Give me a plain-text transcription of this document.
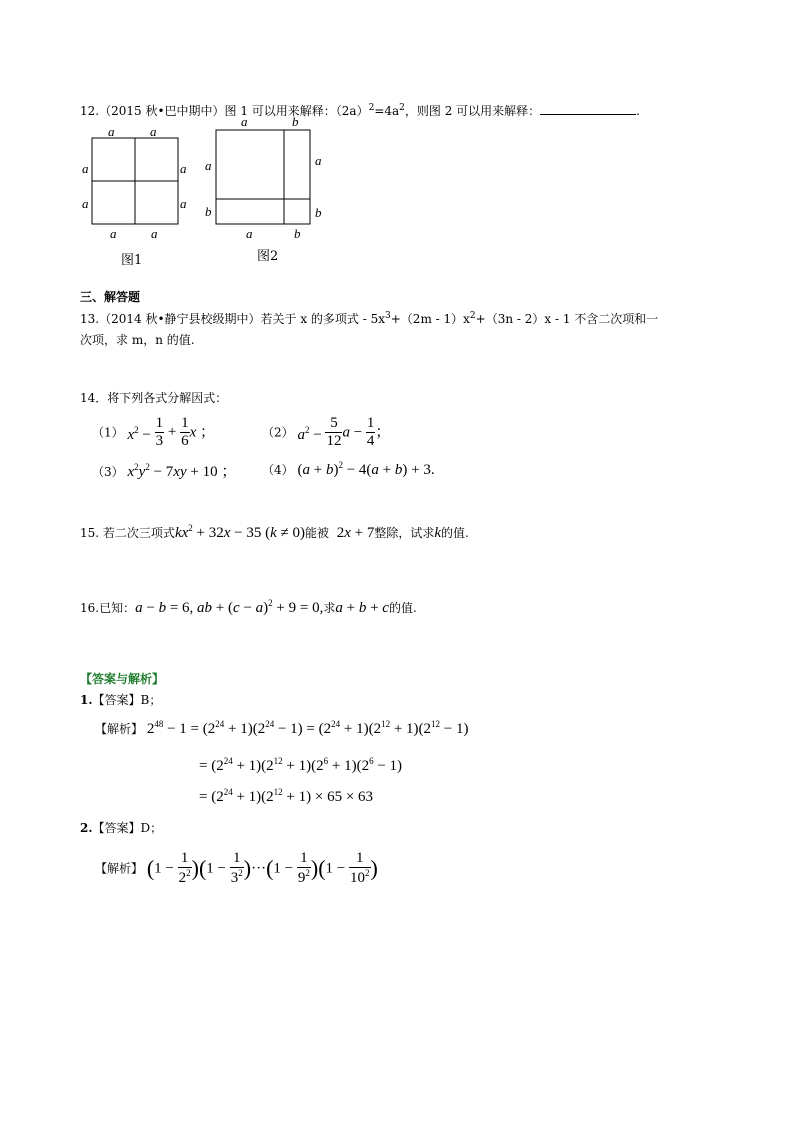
12.（2015 秋•巴中期中）图 1 可以用来解释：$(2a)^2=4a^2$，则图 2 可以用来解释：	.
a	a
a
a
a
a
a	a
图1
a	b
a
b
a
b
a	b
图2
三、解答题
13.（2014 秋•静宁县校级期中）若关于 x 的多项式 - $5x^3+(2m - 1)x^2+(3n - 2)x - 1$ 不含二次项和一
次项，求 m，n 的值.
14．将下列各式分解因式：
（1） $x^2 - \frac{1}{3} + \frac{1}{6}$ x ；	（2） $a^2 - \frac{5}{12}$ $a - \frac{1}{4}$ ；
（3） $x^2y^2 - 7xy + 10$ ； （4） $(a + b)^2 - 4(a + b) + 3$.
15. 若二次三项式$kx^2 + 32x - 35$ (k ≠ 0)能被 2x + 7整除，试求k的值.
16.已知：a − b = 6, ab + $(c - a)^2 + 9 = 0$,求a + b + c的值.
【答案与解析】
1.【答案】B；
【解析】 $2^{48} - 1 = (2^{24} + 1)(2^{24} - 1) = (2^{24} + 1)(2^{12} + 1)(2^{12} - 1)$
= $(2^{24} + 1)(2^{12} + 1)(2^6 + 1)(2^6 - 1)$
= $(2^{24} + 1)(2^{12} + 1) \times 65 \times 63$
2.【答案】D；
【解析】 $(1 - \frac{1}{2^2} )(1 - \frac{1}{3^2} )\cdot\cdot\cdot(1 - \frac{1}{9^2} )(1 - \frac{1}{10^2}$ )
